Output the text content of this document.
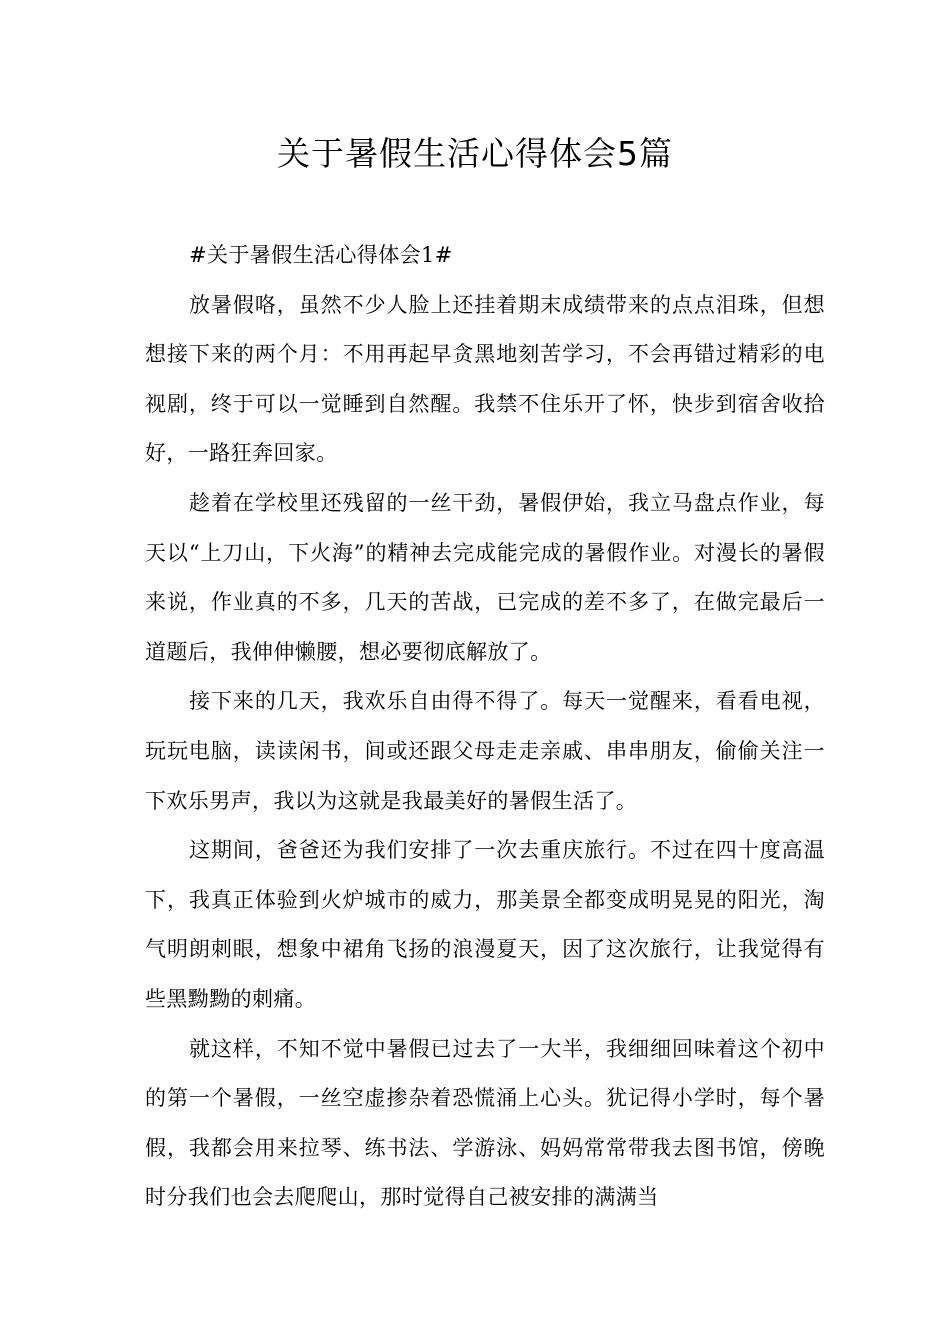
关于暑假生活心得体会5篇

#关于暑假生活心得体会1#

放暑假咯，虽然不少人脸上还挂着期末成绩带来的点点泪珠，但想想接下来的两个月：不用再起早贪黑地刻苦学习，不会再错过精彩的电视剧，终于可以一觉睡到自然醒。我禁不住乐开了怀，快步到宿舍收拾好，一路狂奔回家。

趁着在学校里还残留的一丝干劲，暑假伊始，我立马盘点作业，每天以“上刀山，下火海”的精神去完成能完成的暑假作业。对漫长的暑假来说，作业真的不多，几天的苦战，已完成的差不多了，在做完最后一道题后，我伸伸懒腰，想必要彻底解放了。

接下来的几天，我欢乐自由得不得了。每天一觉醒来，看看电视，玩玩电脑，读读闲书，间或还跟父母走走亲戚、串串朋友，偷偷关注一下欢乐男声，我以为这就是我最美好的暑假生活了。

这期间，爸爸还为我们安排了一次去重庆旅行。不过在四十度高温下，我真正体验到火炉城市的威力，那美景全都变成明晃晃的阳光，淘气明朗刺眼，想象中裙角飞扬的浪漫夏天，因了这次旅行，让我觉得有些黑黝黝的刺痛。

就这样，不知不觉中暑假已过去了一大半，我细细回味着这个初中的第一个暑假，一丝空虚掺杂着恐慌涌上心头。犹记得小学时，每个暑假，我都会用来拉琴、练书法、学游泳、妈妈常常带我去图书馆，傍晚时分我们也会去爬爬山，那时觉得自己被安排的满满当
